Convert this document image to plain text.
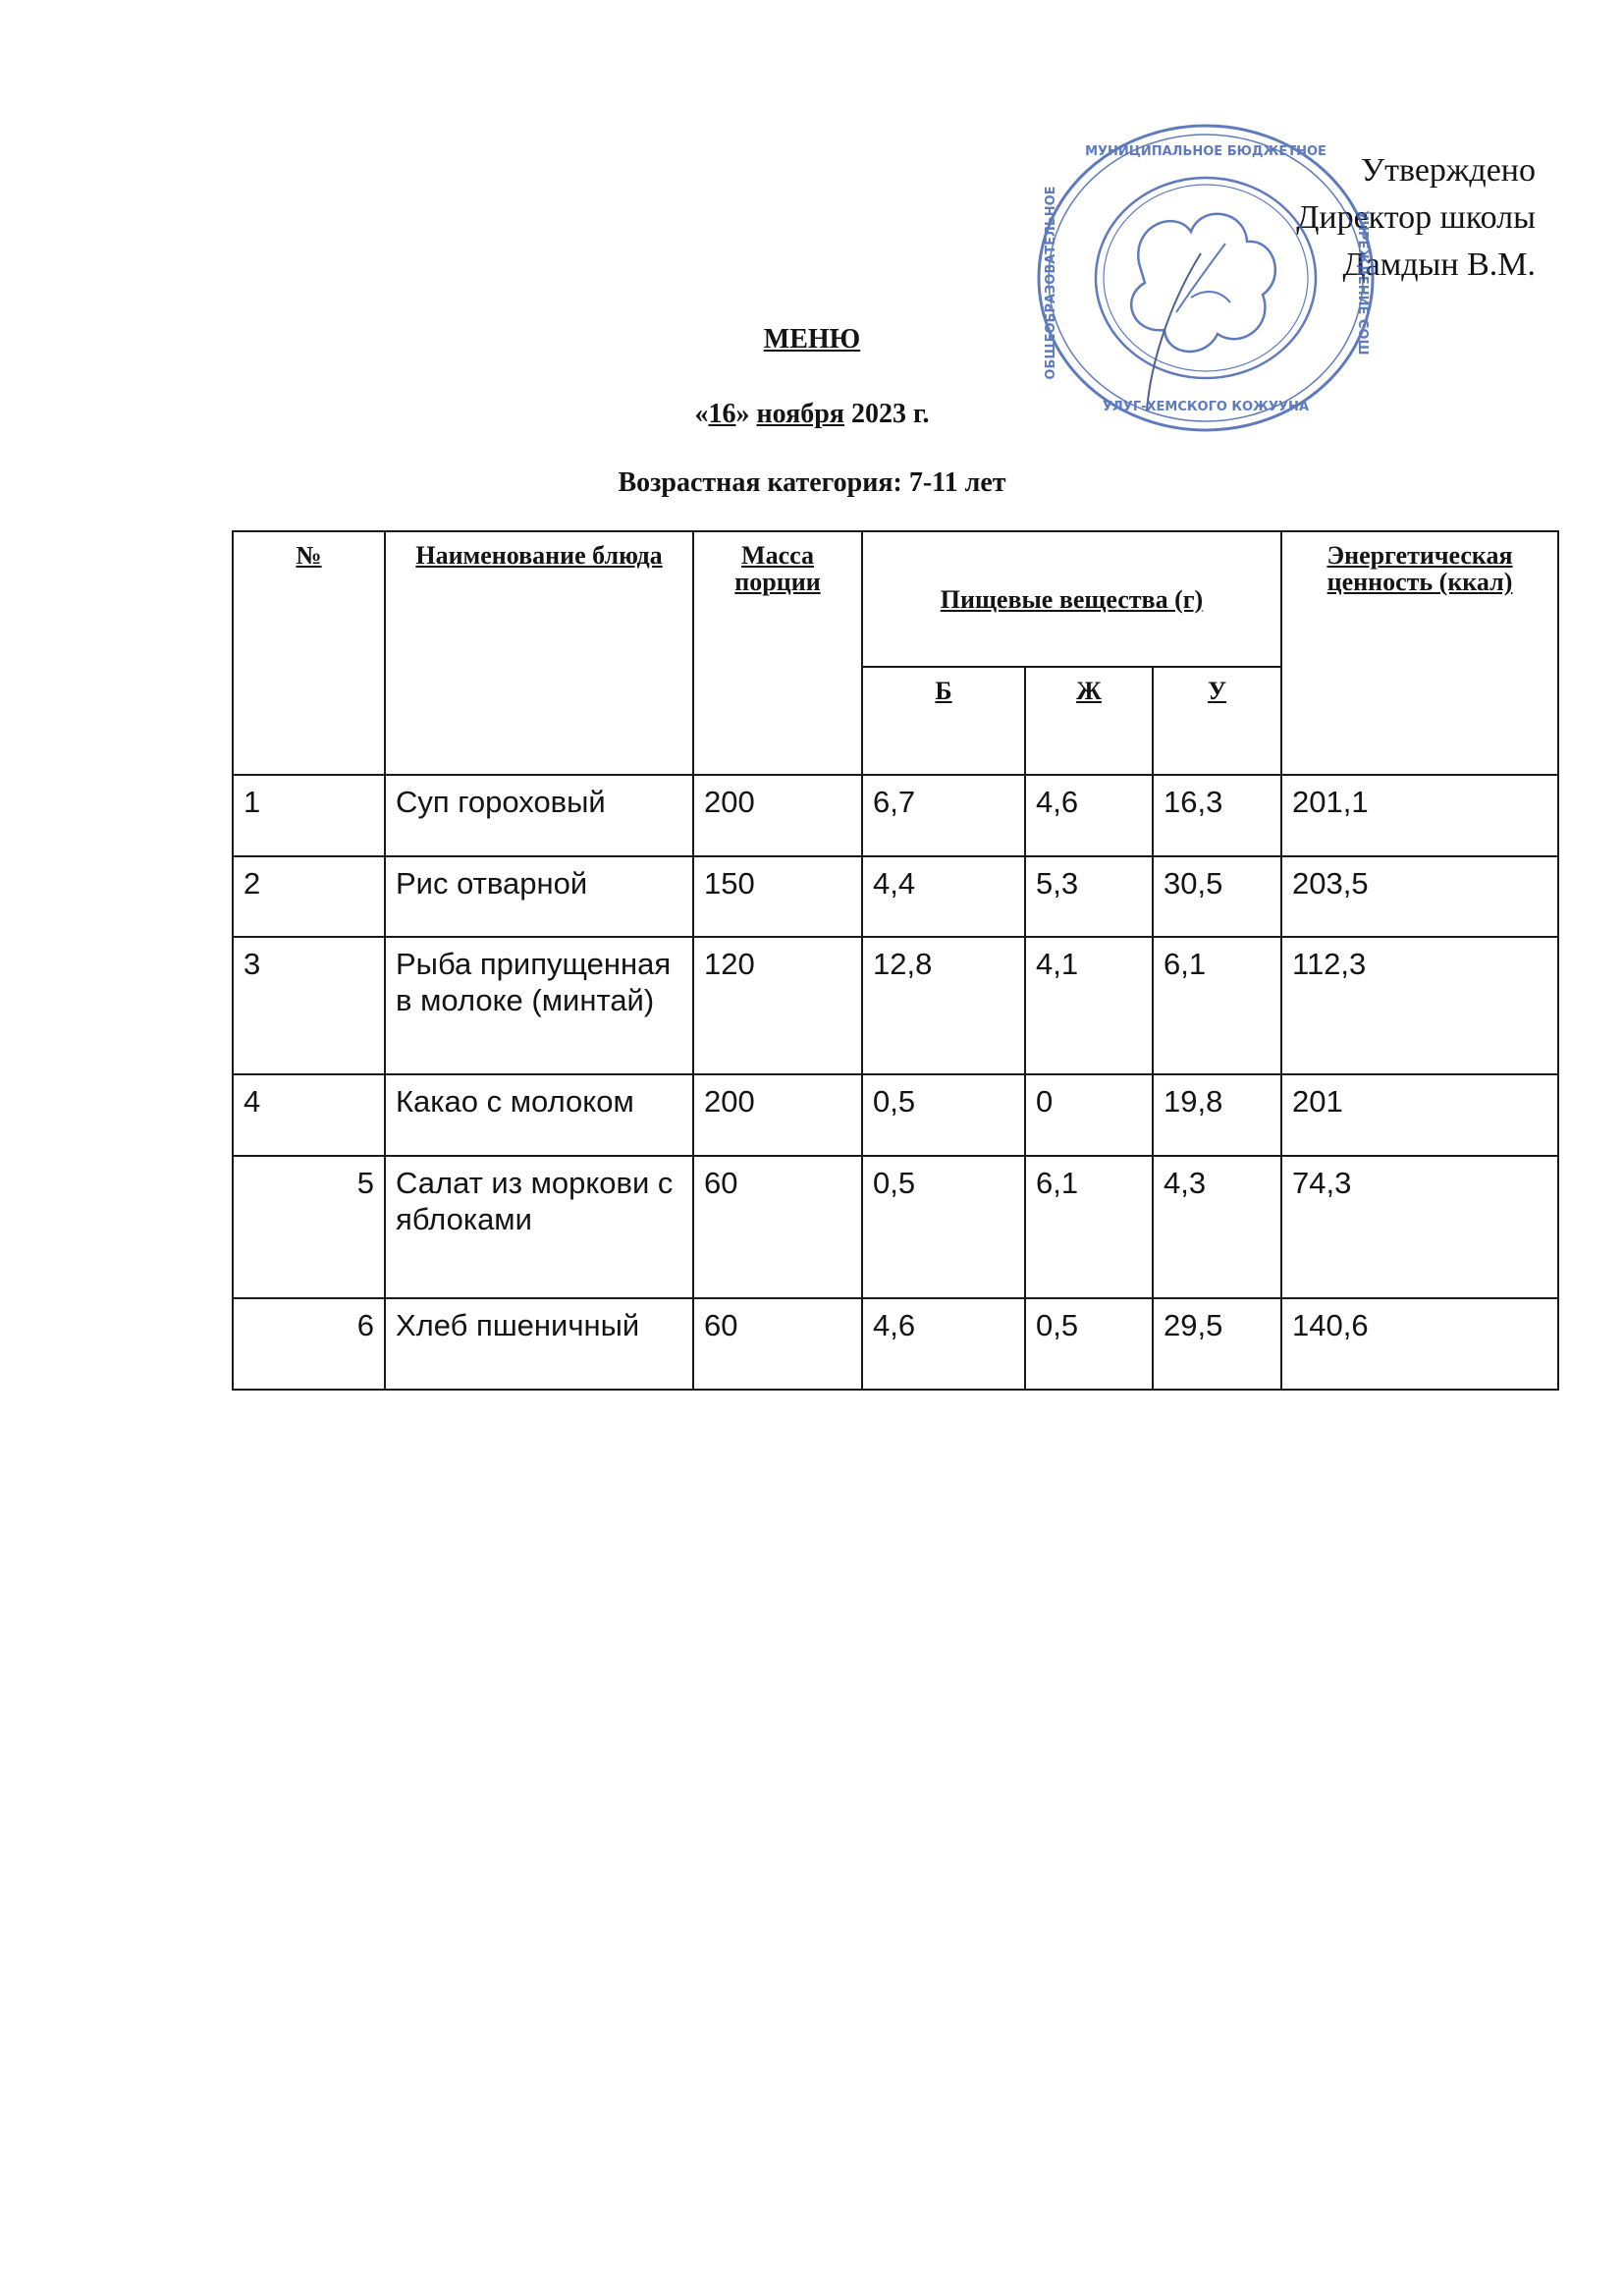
Утверждено
Директор школы
Дамдын В.М.
МУНИЦИПАЛЬНОЕ БЮДЖЕТНОЕ
УЛУГ-ХЕМСКОГО КОЖУУНА
ОБЩЕОБРАЗОВАТЕЛЬНОЕ	УЧРЕЖДЕНИЕ СОШ
МЕНЮ
«16» ноября 2023 г.
Возрастная категория: 7-11 лет
№	Наименование блюда	Масса порции	Пищевые вещества (г)			Энергетическая ценность (ккал)
			Б	Ж	У	
1	Суп гороховый	200	6,7	4,6	16,3	201,1
2	Рис отварной	150	4,4	5,3	30,5	203,5
3	Рыба припущенная в молоке (минтай)	120	12,8	4,1	6,1	112,3
4	Какао с молоком	200	0,5	0	19,8	201
5	Салат из моркови с яблоками	60	0,5	6,1	4,3	74,3
6	Хлеб пшеничный	60	4,6	0,5	29,5	140,6
